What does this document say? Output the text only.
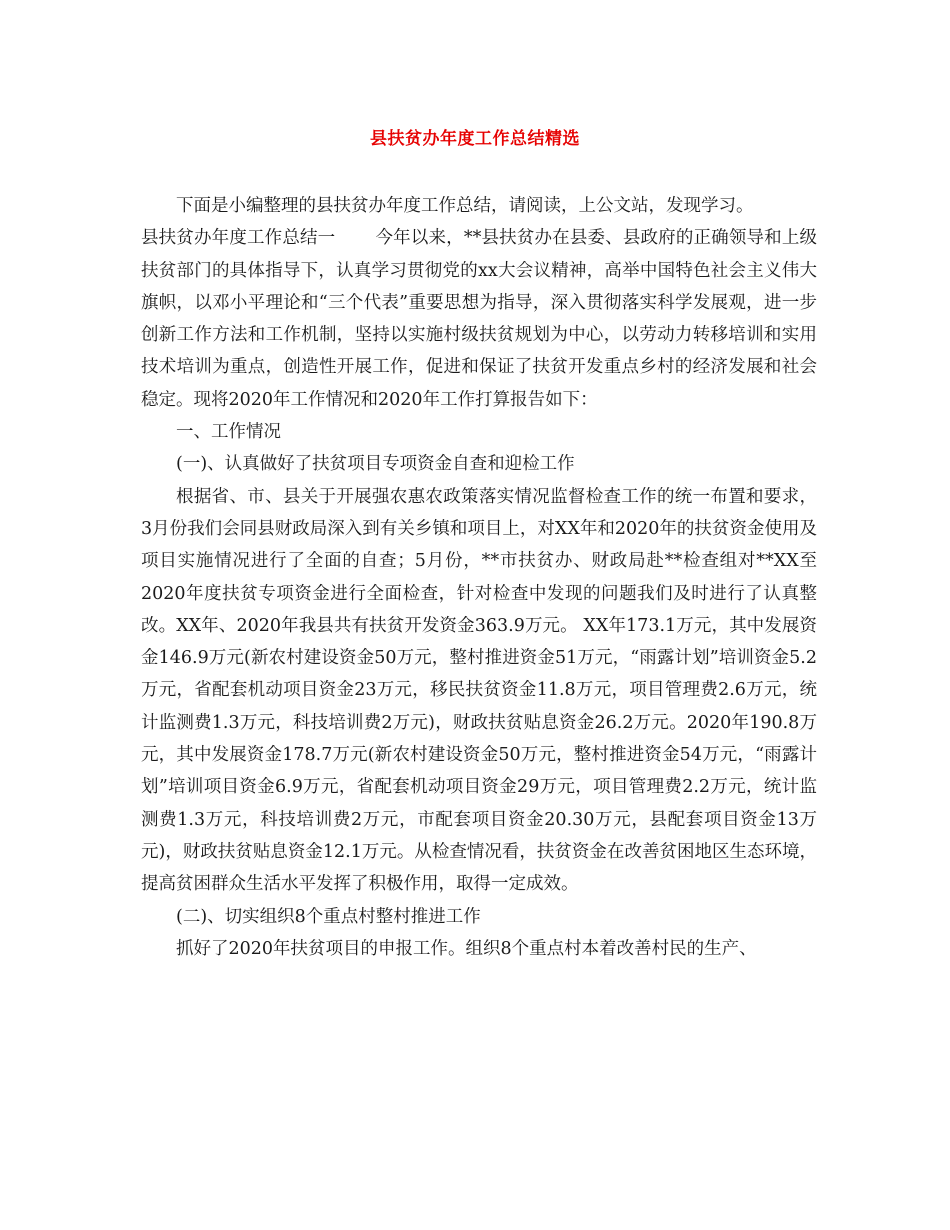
县扶贫办年度工作总结精选

下面是小编整理的县扶贫办年度工作总结，请阅读，上公文站，发现学习。

县扶贫办年度工作总结一 今年以来，**县扶贫办在县委、县政府的正确领导和上级扶贫部门的具体指导下，认真学习贯彻党的xx大会议精神，高举中国特色社会主义伟大旗帜，以邓小平理论和“三个代表”重要思想为指导，深入贯彻落实科学发展观，进一步创新工作方法和工作机制，坚持以实施村级扶贫规划为中心，以劳动力转移培训和实用技术培训为重点，创造性开展工作，促进和保证了扶贫开发重点乡村的经济发展和社会稳定。现将2020年工作情况和2020年工作打算报告如下：

一、工作情况

(一)、认真做好了扶贫项目专项资金自查和迎检工作

根据省、市、县关于开展强农惠农政策落实情况监督检查工作的统一布置和要求，3月份我们会同县财政局深入到有关乡镇和项目上，对XX年和2020年的扶贫资金使用及项目实施情况进行了全面的自查；5月份，**市扶贫办、财政局赴**检查组对**XX至2020年度扶贫专项资金进行全面检查，针对检查中发现的问题我们及时进行了认真整改。XX年、2020年我县共有扶贫开发资金363.9万元。 XX年173.1万元，其中发展资金146.9万元(新农村建设资金50万元，整村推进资金51万元，“雨露计划”培训资金5.2万元，省配套机动项目资金23万元，移民扶贫资金11.8万元，项目管理费2.6万元，统计监测费1.3万元，科技培训费2万元)，财政扶贫贴息资金26.2万元。2020年190.8万元，其中发展资金178.7万元(新农村建设资金50万元，整村推进资金54万元，“雨露计划”培训项目资金6.9万元，省配套机动项目资金29万元，项目管理费2.2万元，统计监测费1.3万元，科技培训费2万元，市配套项目资金20.30万元，县配套项目资金13万元)，财政扶贫贴息资金12.1万元。从检查情况看，扶贫资金在改善贫困地区生态环境，提高贫困群众生活水平发挥了积极作用，取得一定成效。

(二)、切实组织8个重点村整村推进工作

抓好了2020年扶贫项目的申报工作。组织8个重点村本着改善村民的生产、
